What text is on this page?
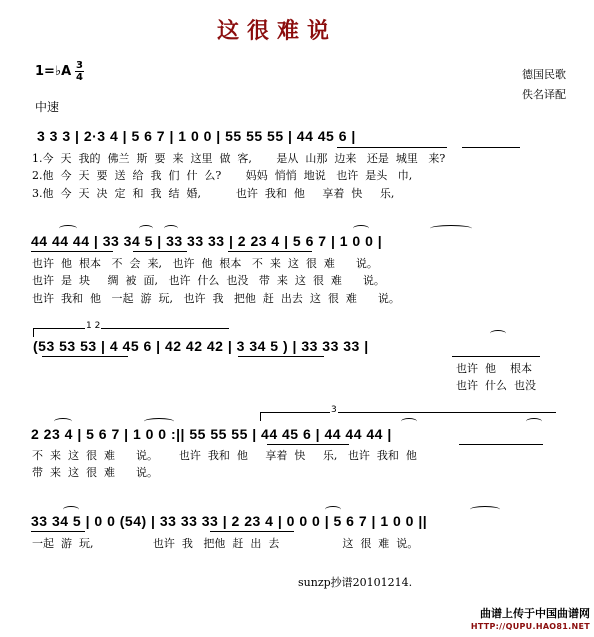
这很难说
1=♭A 3
4	德国民歌
佚名译配
中速
3 3 3 | 2·3 4 | 5 6 7 | 1 0 0 | 55 55 55 | 44 45 6 |
1.今  天  我的  佛兰  斯  要  来  这里  做  客,       是从  山那  边来   还是  城里   来?
2.他  今  天  要  送  给  我  们  什  么?       妈妈  悄悄  地说   也许  是头   巾,
3.他  今  天  决  定  和  我  结  婚,          也许  我和  他     享着  快     乐,
44 44 44 | 33 34 5 | 33 33 33 | 2 23 4 | 5 6 7 | 1 0 0 |
也许  他  根本   不  会  来,   也许  他  根本   不  来  这  很  难      说。
也许  是  块     绸  被  面,   也许  什么  也没   带  来  这  很  难      说。
也许  我和  他   一起  游  玩,   也许  我   把他  赶  出去  这  很  难      说。
1 2
(53 53 53 | 4 45 6 | 42 42 42 | 3 34 5 ) | 33 33 33 |
也许  他    根本
也许  什么  也没
3
2 23 4 | 5 6 7 | 1 0 0 :|| 55 55 55 | 44 45 6 | 44 44 44 |
不  来  这  很  难      说。      也许  我和  他     享着  快     乐,   也许  我和  他
带  来  这  很  难      说。
33 34 5 | 0 0 (54) | 33 33 33 | 2 23 4 | 0 0 0 | 5 6 7 | 1 0 0 ||
一起  游  玩,                 也许  我   把他  赶  出  去                  这  很  难  说。
sunzp抄谱20101214.
曲谱上传于中国曲谱网
HTTP://QUPU.HAO81.NET
